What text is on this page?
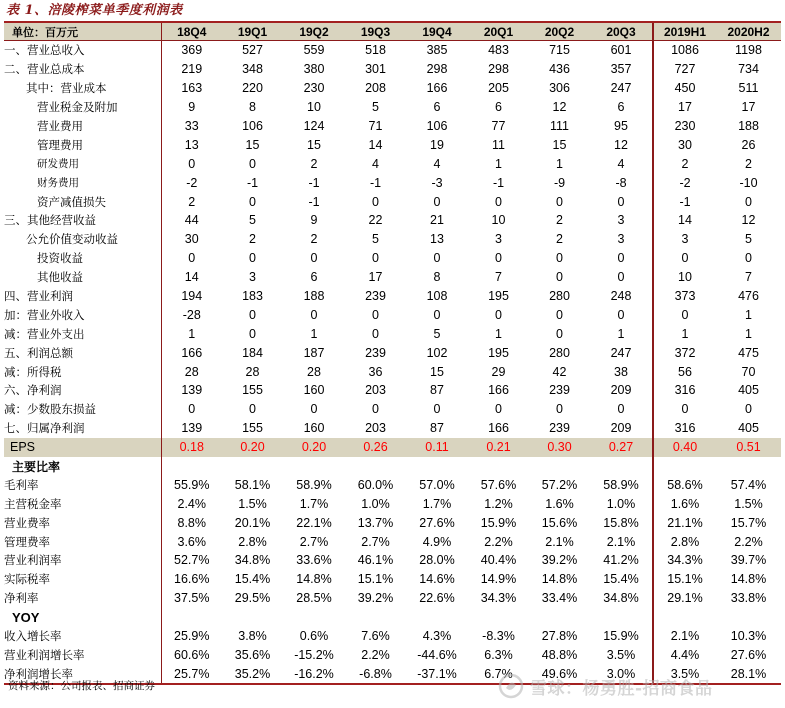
表 1、涪陵榨菜单季度利润表
单位：百万元	18Q4	19Q1	19Q2	19Q3	19Q4	20Q1	20Q2	20Q3	2019H1	2020H2
一、营业总收入	369	527	559	518	385	483	715	601	1086	1198
二、营业总成本	219	348	380	301	298	298	436	357	727	734
其中：营业成本	163	220	230	208	166	205	306	247	450	511
营业税金及附加	9	8	10	5	6	6	12	6	17	17
营业费用	33	106	124	71	106	77	111	95	230	188
管理费用	13	15	15	14	19	11	15	12	30	26
研发费用	0	0	2	4	4	1	1	4	2	2
财务费用	-2	-1	-1	-1	-3	-1	-9	-8	-2	-10
资产减值损失	2	0	-1	0	0	0	0	0	-1	0
三、其他经营收益	44	5	9	22	21	10	2	3	14	12
公允价值变动收益	30	2	2	5	13	3	2	3	3	5
投资收益	0	0	0	0	0	0	0	0	0	0
其他收益	14	3	6	17	8	7	0	0	10	7
四、营业利润	194	183	188	239	108	195	280	248	373	476
加：营业外收入	-28	0	0	0	0	0	0	0	0	1
减：营业外支出	1	0	1	0	5	1	0	1	1	1
五、利润总额	166	184	187	239	102	195	280	247	372	475
减：所得税	28	28	28	36	15	29	42	38	56	70
六、净利润	139	155	160	203	87	166	239	209	316	405
减：少数股东损益	0	0	0	0	0	0	0	0	0	0
七、归属净利润	139	155	160	203	87	166	239	209	316	405
EPS	0.18	0.20	0.20	0.26	0.11	0.21	0.30	0.27	0.40	0.51
主要比率										
毛利率	55.9%	58.1%	58.9%	60.0%	57.0%	57.6%	57.2%	58.9%	58.6%	57.4%
主营税金率	2.4%	1.5%	1.7%	1.0%	1.7%	1.2%	1.6%	1.0%	1.6%	1.5%
营业费率	8.8%	20.1%	22.1%	13.7%	27.6%	15.9%	15.6%	15.8%	21.1%	15.7%
管理费率	3.6%	2.8%	2.7%	2.7%	4.9%	2.2%	2.1%	2.1%	2.8%	2.2%
营业利润率	52.7%	34.8%	33.6%	46.1%	28.0%	40.4%	39.2%	41.2%	34.3%	39.7%
实际税率	16.6%	15.4%	14.8%	15.1%	14.6%	14.9%	14.8%	15.4%	15.1%	14.8%
净利率	37.5%	29.5%	28.5%	39.2%	22.6%	34.3%	33.4%	34.8%	29.1%	33.8%
YOY										
收入增长率	25.9%	3.8%	0.6%	7.6%	4.3%	-8.3%	27.8%	15.9%	2.1%	10.3%
营业利润增长率	60.6%	35.6%	-15.2%	2.2%	-44.6%	6.3%	48.8%	3.5%	4.4%	27.6%
净利润增长率	25.7%	35.2%	-16.2%	-6.8%	-37.1%	6.7%	49.6%	3.0%	3.5%	28.1%
资料来源：公司报表、招商证券	雪球：杨勇胜-招商食品
